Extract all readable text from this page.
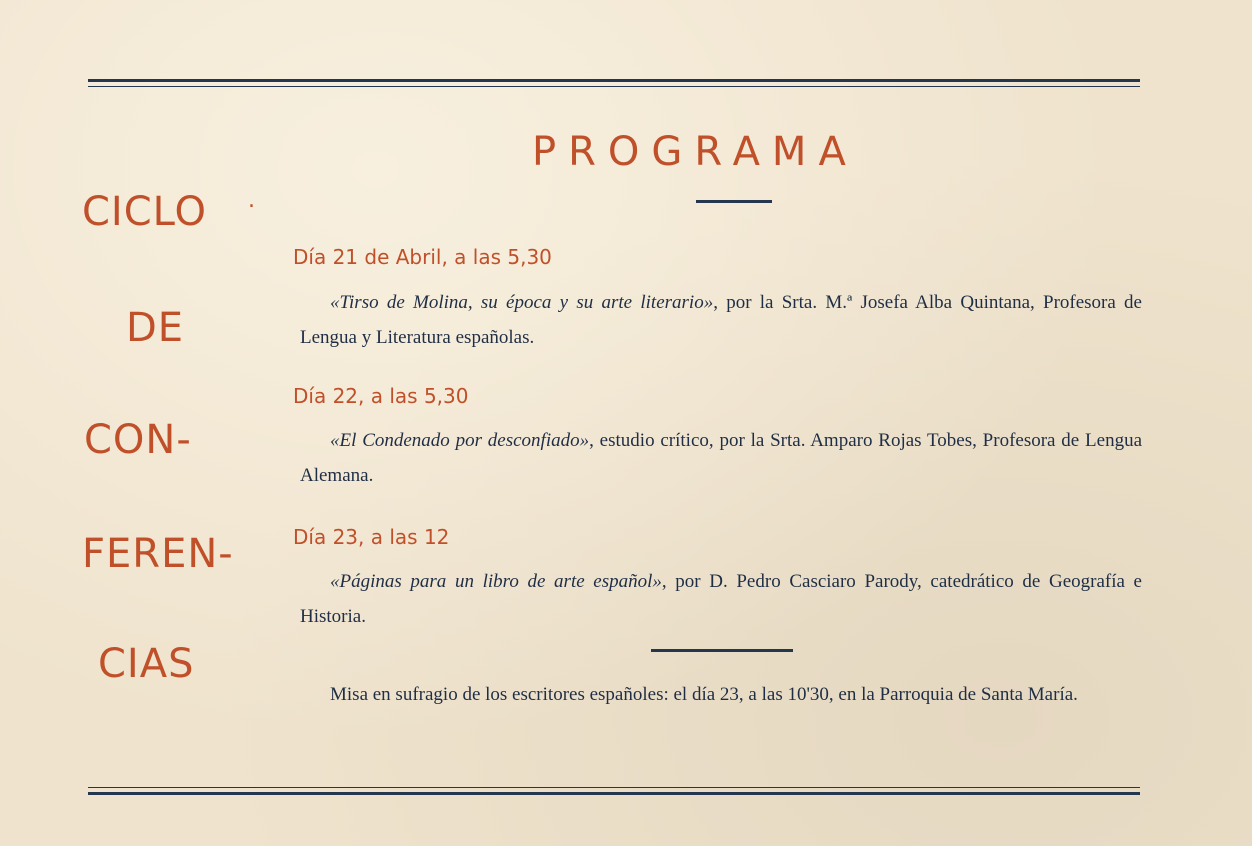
CICLO .
DE
CON-
FEREN-
CIAS
PROGRAMA
Día 21 de Abril, a las 5,30
«Tirso de Molina, su época y su arte literario», por la Srta. M.ª Josefa Alba Quintana, Profesora de Lengua y Literatura españolas.
Día 22, a las 5,30
«El Condenado por desconfiado», estudio crítico, por la Srta. Amparo Rojas Tobes, Profesora de Lengua Alemana.
Día 23, a las 12
«Páginas para un libro de arte español», por D. Pedro Casciaro Parody, catedrático de Geografía e Historia.
Misa en sufragio de los escritores españoles: el día 23, a las 10'30, en la Parroquia de Santa María.
